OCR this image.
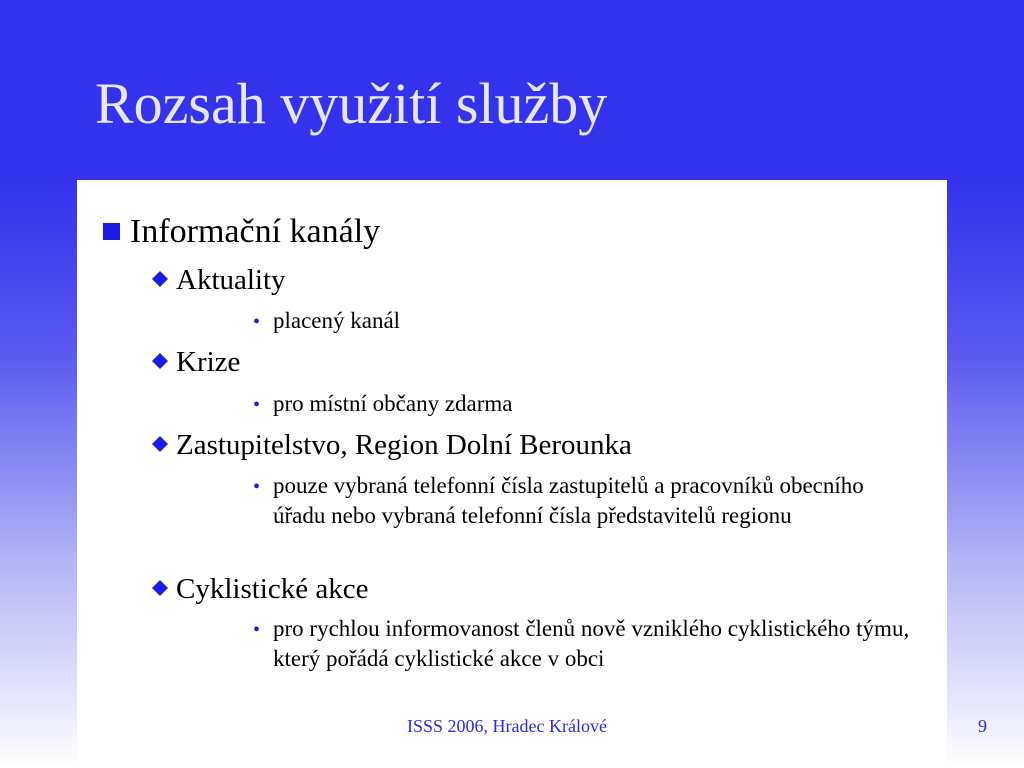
Rozsah využití služby
Informační kanály
Aktuality
• placený kanál
Krize
• pro místní občany zdarma
Zastupitelstvo, Region Dolní Berounka
• pouze vybraná telefonní čísla zastupitelů a pracovníků obecního úřadu nebo vybraná telefonní čísla představitelů regionu
Cyklistické akce
• pro rychlou informovanost členů nově vzniklého cyklistického týmu, který pořádá cyklistické akce v obci
ISSS 2006, Hradec Králové	9
